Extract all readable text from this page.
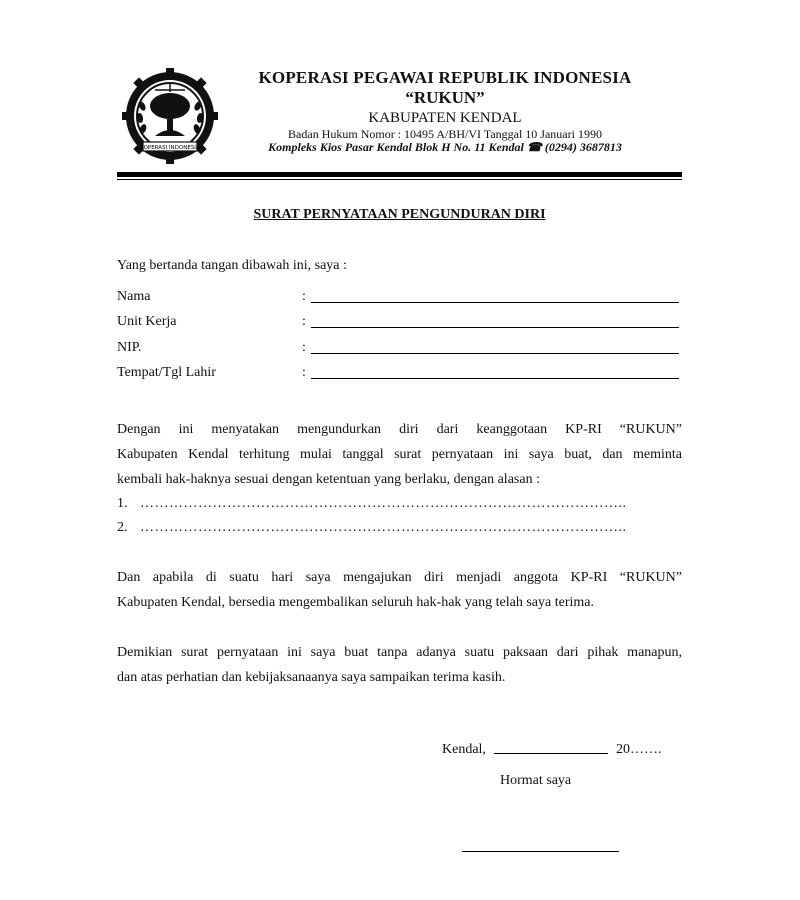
KOPERASI INDONESIA
KOPERASI PEGAWAI REPUBLIK INDONESIA
“RUKUN”
KABUPATEN KENDAL
Badan Hukum Nomor : 10495 A/BH/VI Tanggal 10 Januari 1990
Kompleks Kios Pasar Kendal Blok H No. 11 Kendal ☎ (0294) 3687813
SURAT PERNYATAAN PENGUNDURAN DIRI
Yang bertanda tangan dibawah ini, saya :
Nama	:
Unit Kerja	:
NIP.	:
Tempat/Tgl Lahir	:
Dengan ini menyatakan mengundurkan diri dari keanggotaan KP-RI “RUKUN”
Kabupaten Kendal terhitung mulai tanggal surat pernyataan ini saya buat, dan meminta
kembali hak-haknya sesuai dengan ketentuan yang berlaku, dengan alasan :
1. ………………………………………………………………………………………..
2. ………………………………………………………………………………………..
Dan apabila di suatu hari saya mengajukan diri menjadi anggota KP-RI “RUKUN”
Kabupaten Kendal, bersedia mengembalikan seluruh hak-hak yang telah saya terima.
Demikian surat pernyataan ini saya buat tanpa adanya suatu paksaan dari pihak manapun,
dan atas perhatian dan kebijaksanaanya saya sampaikan terima kasih.
Kendal,	20…….
Hormat saya
